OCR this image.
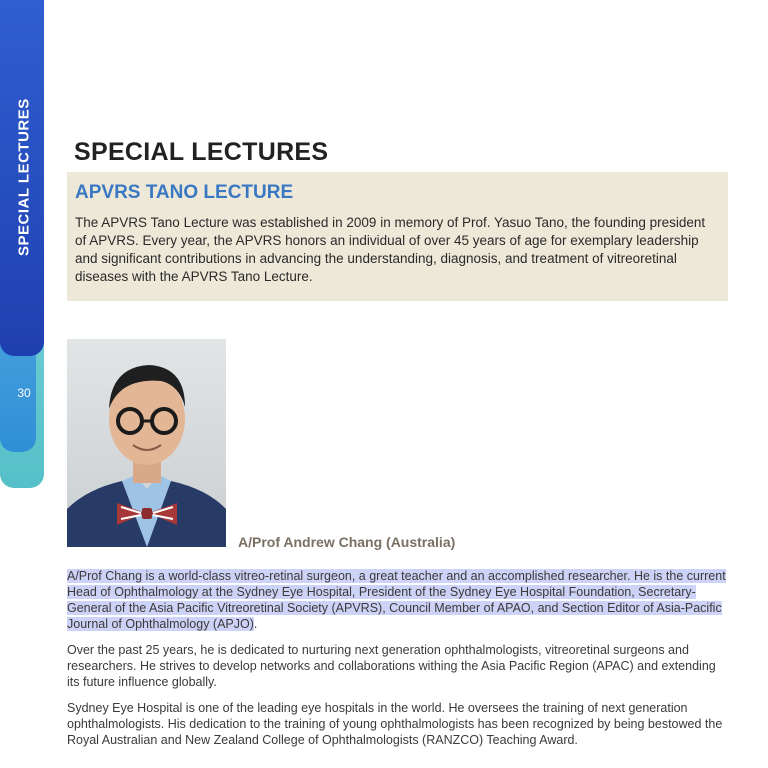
SPECIAL LECTURES
30
SPECIAL LECTURES
APVRS TANO LECTURE

The APVRS Tano Lecture was established in 2009 in memory of Prof. Yasuo Tano, the founding president of APVRS. Every year, the APVRS honors an individual of over 45 years of age for exemplary leadership and significant contributions in advancing the understanding, diagnosis, and treatment of vitreoretinal diseases with the APVRS Tano Lecture.

A/Prof Andrew Chang (Australia)

A/Prof Chang is a world-class vitreo-retinal surgeon, a great teacher and an accomplished researcher. He is the current Head of Ophthalmology at the Sydney Eye Hospital, President of the Sydney Eye Hospital Foundation, Secretary-General of the Asia Pacific Vitreoretinal Society (APVRS), Council Member of APAO, and Section Editor of Asia-Pacific Journal of Ophthalmology (APJO).

Over the past 25 years, he is dedicated to nurturing next generation ophthalmologists, vitreoretinal surgeons and researchers. He strives to develop networks and collaborations withing the Asia Pacific Region (APAC) and extending its future influence globally.

Sydney Eye Hospital is one of the leading eye hospitals in the world. He oversees the training of next generation ophthalmologists. His dedication to the training of young ophthalmologists has been recognized by being bestowed the Royal Australian and New Zealand College of Ophthalmologists (RANZCO) Teaching Award.
